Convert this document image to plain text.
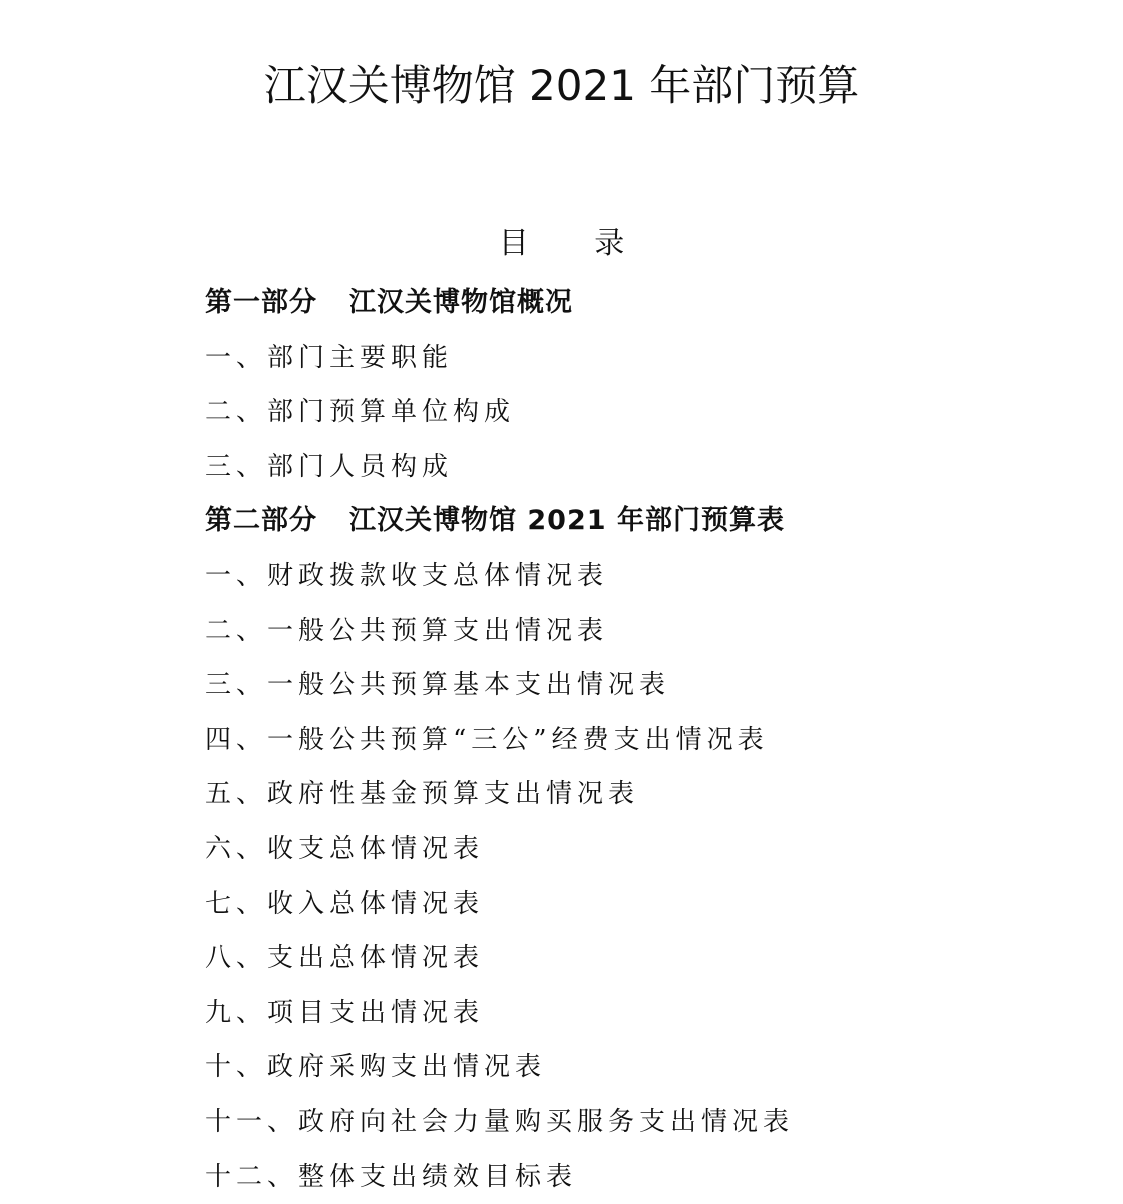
江汉关博物馆 2021 年部门预算
目 录
第一部分 江汉关博物馆概况
一、部门主要职能
二、部门预算单位构成
三、部门人员构成
第二部分 江汉关博物馆 2021 年部门预算表
一、财政拨款收支总体情况表
二、一般公共预算支出情况表
三、一般公共预算基本支出情况表
四、一般公共预算“三公”经费支出情况表
五、政府性基金预算支出情况表
六、收支总体情况表
七、收入总体情况表
八、支出总体情况表
九、项目支出情况表
十、政府采购支出情况表
十一、政府向社会力量购买服务支出情况表
十二、整体支出绩效目标表
